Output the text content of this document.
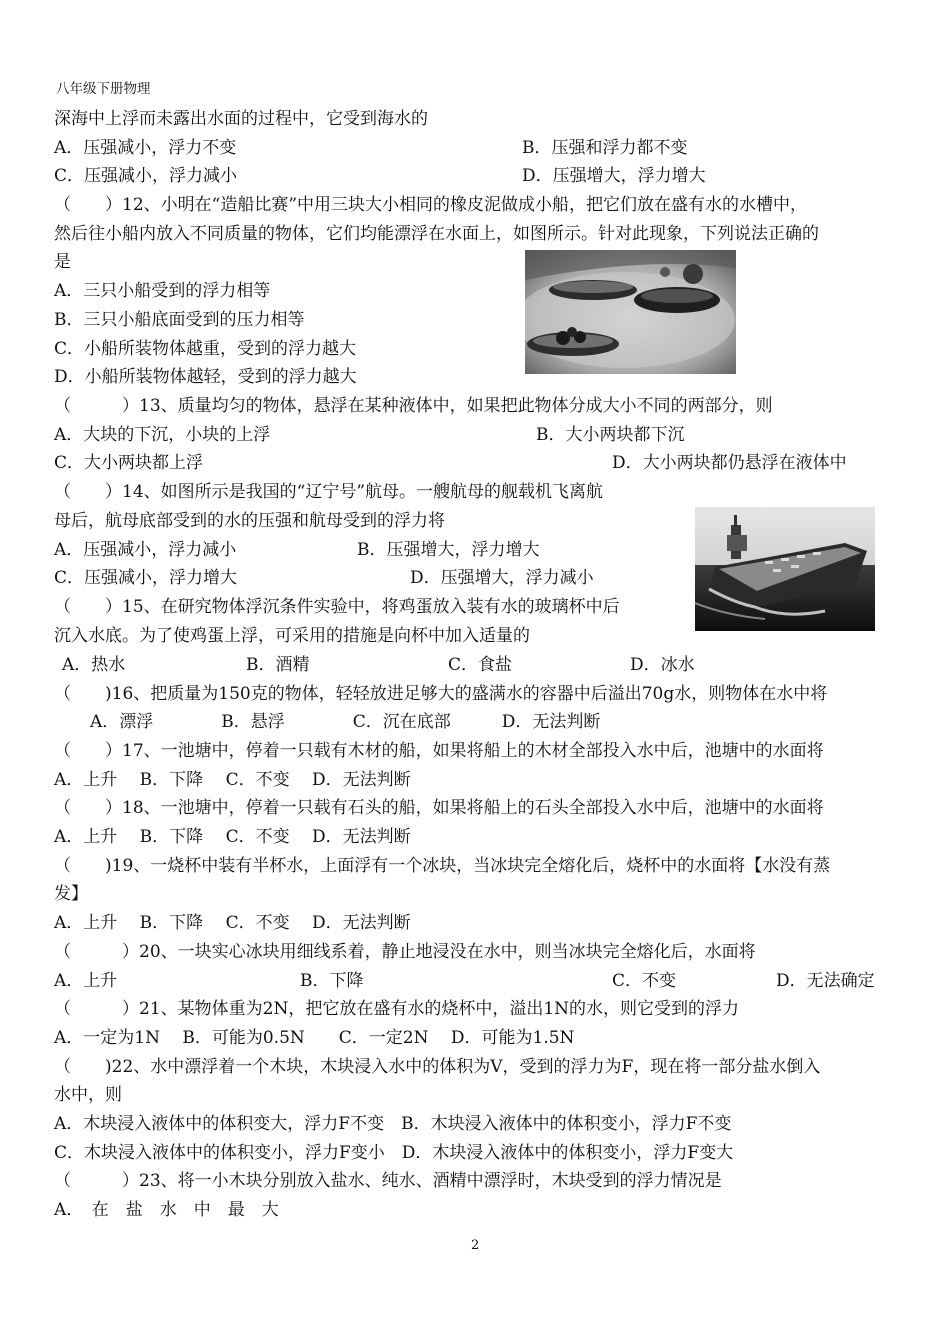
八年级下册物理
深海中上浮而未露出水面的过程中，它受到海水的
A．压强减小，浮力不变	B．压强和浮力都不变
C．压强减小，浮力减小	D．压强增大，浮力增大
（　　）12、小明在“造船比赛”中用三块大小相同的橡皮泥做成小船，把它们放在盛有水的水槽中，
然后往小船内放入不同质量的物体，它们均能漂浮在水面上，如图所示。针对此现象，下列说法正确的
是
A．三只小船受到的浮力相等
B．三只小船底面受到的压力相等
C．小船所装物体越重，受到的浮力越大
D．小船所装物体越轻，受到的浮力越大
（　　　）13、质量均匀的物体，悬浮在某种液体中，如果把此物体分成大小不同的两部分，则
A．大块的下沉，小块的上浮	B．大小两块都下沉
C．大小两块都上浮	D．大小两块都仍悬浮在液体中
（　　）14、如图所示是我国的“辽宁号”航母。一艘航母的舰载机飞离航
母后，航母底部受到的水的压强和航母受到的浮力将
A．压强减小，浮力减小	B．压强增大，浮力增大
C．压强减小，浮力增大	D．压强增大，浮力减小
（　　）15、在研究物体浮沉条件实验中，将鸡蛋放入装有水的玻璃杯中后
沉入水底。为了使鸡蛋上浮，可采用的措施是向杯中加入适量的
A．热水	B．酒精	C．食盐	D．冰水
（　　)16、把质量为150克的物体，轻轻放进足够大的盛满水的容器中后溢出70g水，则物体在水中将
A．漂浮　　　　B．悬浮　　　　C．沉在底部　　　D．无法判断
（　　）17、一池塘中，停着一只载有木材的船，如果将船上的木材全部投入水中后，池塘中的水面将
A．上升　 B．下降　 C．不变　 D．无法判断
（　　）18、一池塘中，停着一只载有石头的船，如果将船上的石头全部投入水中后，池塘中的水面将
A．上升　 B．下降　 C．不变　 D．无法判断
（　　)19、一烧杯中装有半杯水，上面浮有一个冰块，当冰块完全熔化后，烧杯中的水面将【水没有蒸
发】
A．上升　 B．下降　 C．不变　 D．无法判断
（　　　）20、一块实心冰块用细线系着，静止地浸没在水中，则当冰块完全熔化后，水面将
A．上升	B．下降	C．不变	D．无法确定
（　　　）21、某物体重为2N，把它放在盛有水的烧杯中，溢出1N的水，则它受到的浮力
A．一定为1N　 B．可能为0.5N　　C．一定2N　 D．可能为1.5N
（　　)22、水中漂浮着一个木块，木块浸入水中的体积为V，受到的浮力为F，现在将一部分盐水倒入
水中，则
A．木块浸入液体中的体积变大，浮力F不变　B．木块浸入液体中的体积变小，浮力F不变
C．木块浸入液体中的体积变小，浮力F变小　D．木块浸入液体中的体积变小，浮力F变大
（　　　）23、将一小木块分别放入盐水、纯水、酒精中漂浮时，木块受到的浮力情况是
A．　在　盐　水　中　最　大
2
